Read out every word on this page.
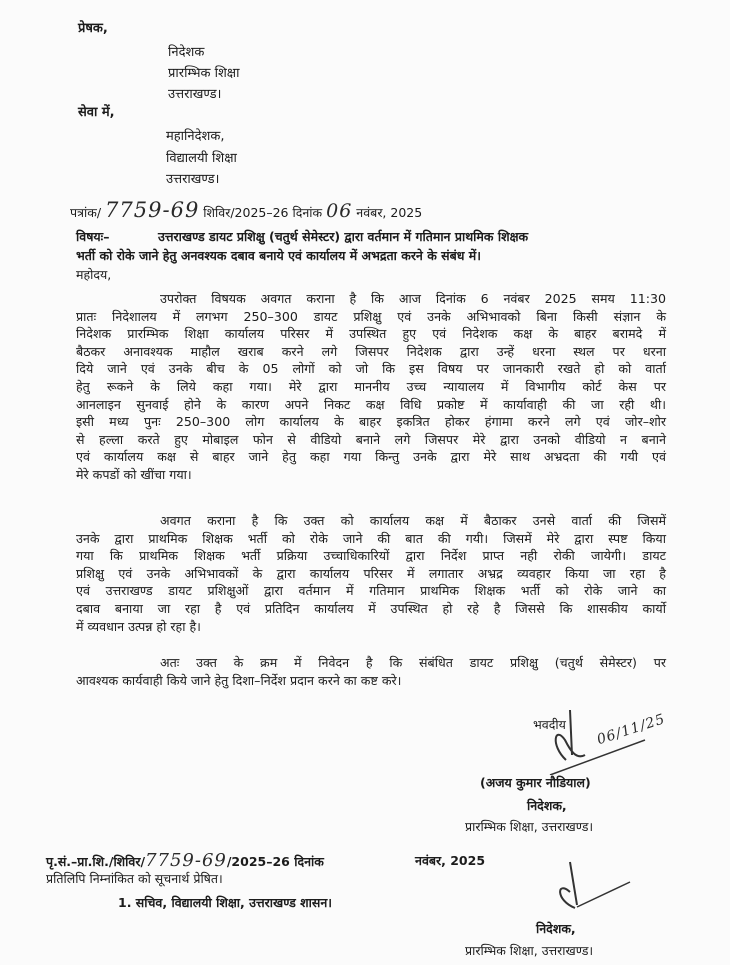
प्रेषक,
निदेशक
प्रारम्भिक शिक्षा
उत्तराखण्ड।
सेवा में,
महानिदेशक,
विद्यालयी शिक्षा
उत्तराखण्ड।
पत्रांक/ 7759-69 शिविर/2025–26 दिनांक 06 नवंबर, 2025
विषयः–	उत्तराखण्ड डायट प्रशिक्षु (चतुर्थ सेमेस्टर) द्वारा वर्तमान में गतिमान प्राथमिक शिक्षक
भर्ती को रोके जाने हेतु अनवश्यक दबाव बनाये एवं कार्यालय में अभद्रता करने के संबंध में।
महोदय,
उपरोक्त विषयक अवगत कराना है कि आज दिनांक 6 नवंबर 2025 समय 11:30
प्रातः निदेशालय में लगभग 250–300 डायट प्रशिक्षु एवं उनके अभिभावको बिना किसी संज्ञान के
निदेशक प्रारम्भिक शिक्षा कार्यालय परिसर में उपस्थित हुए एवं निदेशक कक्ष के बाहर बरामदे में
बैठकर अनावश्यक माहौल खराब करने लगे जिसपर निदेशक द्वारा उन्हें धरना स्थल पर धरना
दिये जाने एवं उनके बीच के 05 लोगों को जो कि इस विषय पर जानकारी रखते हो को वार्ता
हेतु रूकने के लिये कहा गया। मेरे द्वारा माननीय उच्च न्यायालय में विभागीय कोर्ट केस पर
आनलाइन सुनवाई होने के कारण अपने निकट कक्ष विधि प्रकोष्ट में कार्यावाही की जा रही थी।
इसी मध्य पुनः 250–300 लोग कार्यालय के बाहर इकत्रित होकर हंगामा करने लगे एवं जोर–शोर
से हल्ला करते हुए मोबाइल फोन से वीडियो बनाने लगे जिसपर मेरे द्वारा उनको वीडियो न बनाने
एवं कार्यालय कक्ष से बाहर जाने हेतु कहा गया किन्तु उनके द्वारा मेरे साथ अभ्रदता की गयी एवं
मेरे कपडों को खींचा गया।
अवगत कराना है कि उक्त को कार्यालय कक्ष में बैठाकर उनसे वार्ता की जिसमें
उनके द्वारा प्राथमिक शिक्षक भर्ती को रोके जाने की बात की गयी। जिसमें मेरे द्वारा स्पष्ट किया
गया कि प्राथमिक शिक्षक भर्ती प्रक्रिया उच्चाधिकारियों द्वारा निर्देश प्राप्त नही रोकी जायेगी। डायट
प्रशिक्षु एवं उनके अभिभावकों के द्वारा कार्यालय परिसर में लगातार अभ्रद्र व्यवहार किया जा रहा है
एवं उत्तराखण्ड डायट प्रशिक्षुओं द्वारा वर्तमान में गतिमान प्राथमिक शिक्षक भर्ती को रोके जाने का
दबाव बनाया जा रहा है एवं प्रतिदिन कार्यालय में उपस्थित हो रहे है जिससे कि शासकीय कार्यो
में व्यवधान उत्पन्न हो रहा है।
अतः उक्त के क्रम में निवेदन है कि संबंधित डायट प्रशिक्षु (चतुर्थ सेमेस्टर) पर
आवश्यक कार्यवाही किये जाने हेतु दिशा–निर्देश प्रदान करने का कष्ट करे।
भवदीय 06/11/25
(अजय कुमार नौडियाल)
निदेशक,
प्रारम्भिक शिक्षा, उत्तराखण्ड।
पृ.सं.–प्रा.शि./शिविर/7759-69/2025–26 दिनांक	नवंबर, 2025
प्रतिलिपि निम्नांकित को सूचनार्थ प्रेषित।
1. सचिव, विद्यालयी शिक्षा, उत्तराखण्ड शासन।
निदेशक,
प्रारम्भिक शिक्षा, उत्तराखण्ड।
